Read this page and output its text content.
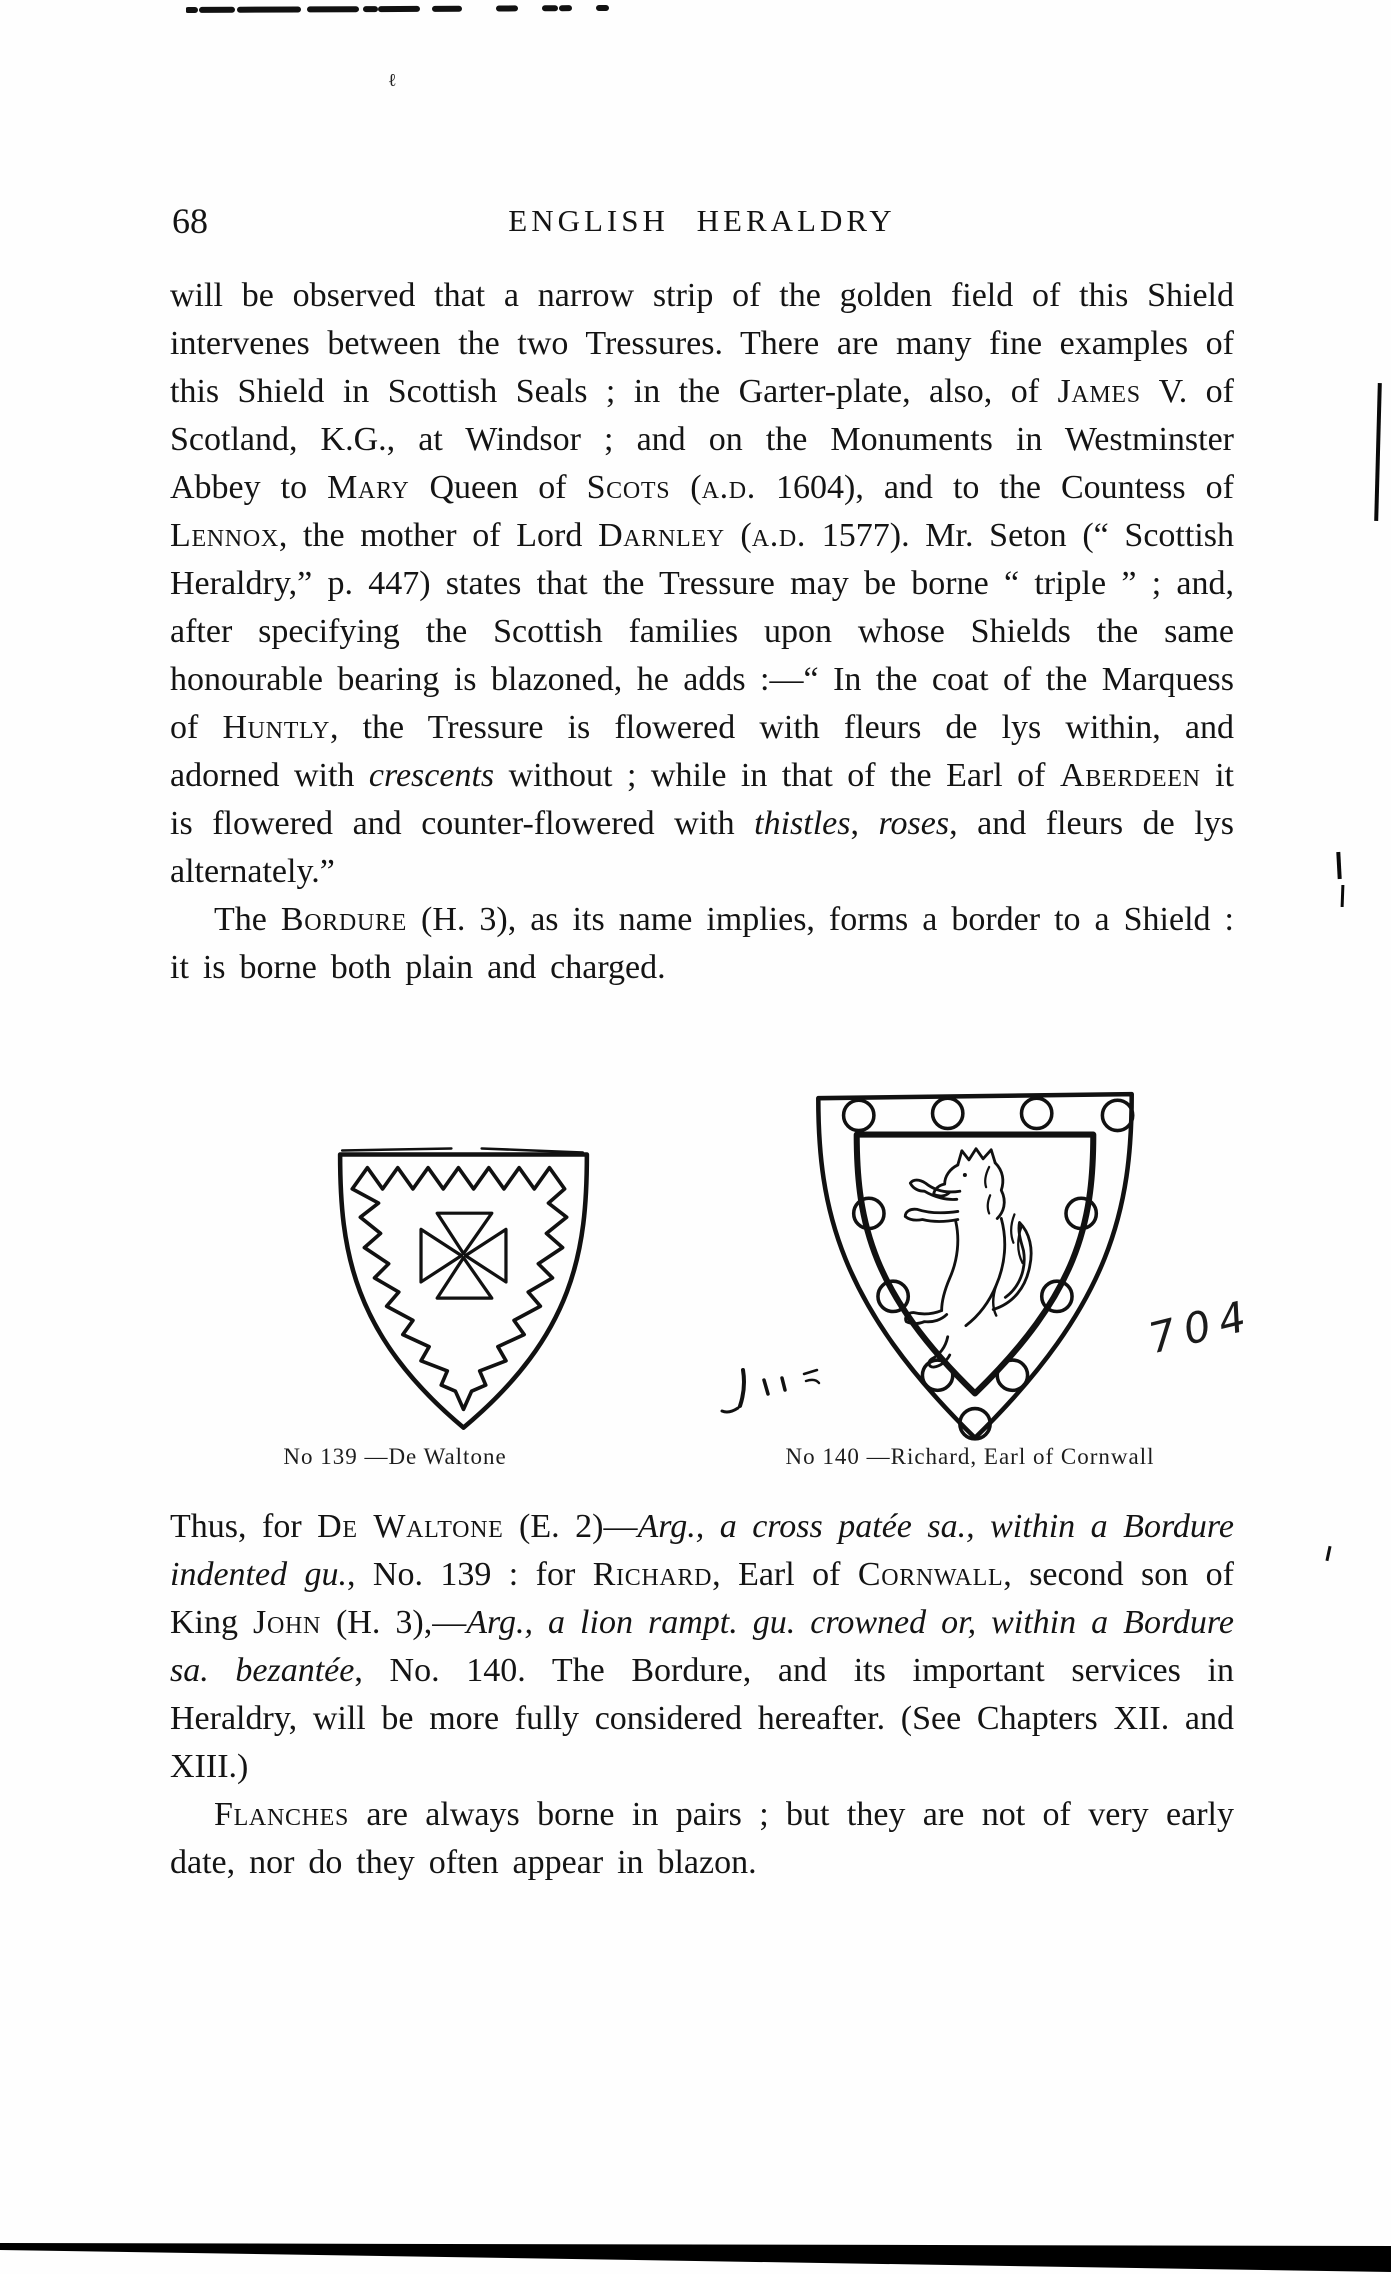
ℓ
68	ENGLISH HERALDRY

will be observed that a narrow strip of the golden field of this Shield intervenes between the two Tressures. There are many fine examples of this Shield in Scottish Seals ; in the Garter-plate, also, of James V. of Scotland, K.G., at Windsor ; and on the Monuments in Westminster Abbey to Mary Queen of Scots (a.d. 1604), and to the Countess of Lennox, the mother of Lord Darnley (a.d. 1577). Mr. Seton (“ Scottish Heraldry,” p. 447) states that the Tressure may be borne “ triple ” ; and, after specifying the Scottish families upon whose Shields the same honourable bearing is blazoned, he adds :—“ In the coat of the Marquess of Huntly, the Tressure is flowered with fleurs de lys within, and adorned with crescents without ; while in that of the Earl of Aberdeen it is flowered and counter-flowered with thistles, roses, and fleurs de lys alternately.”

The Bordure (H. 3), as its name implies, forms a border to a Shield : it is borne both plain and charged.

No 139 —De Waltone	No 140 —Richard, Earl of Cornwall
704

Thus, for De Waltone (E. 2)—Arg., a cross patée sa., within a Bordure indented gu., No. 139 : for Richard, Earl of Cornwall, second son of King John (H. 3),—Arg., a lion rampt. gu. crowned or, within a Bordure sa. bezantée, No. 140. The Bordure, and its important services in Heraldry, will be more fully considered hereafter. (See Chapters XII. and XIII.)

Flanches are always borne in pairs ; but they are not of very early date, nor do they often appear in blazon.
